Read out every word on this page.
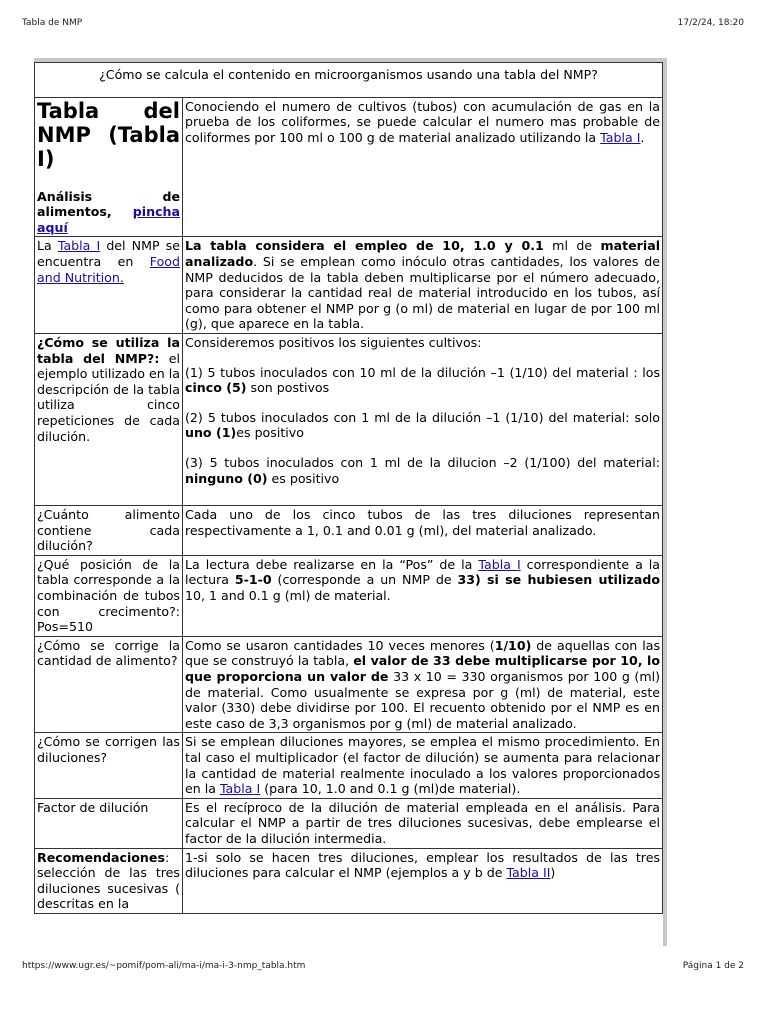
Tabla de NMP	17/2/24, 18:20
¿Cómo se calcula el contenido en microorganismos usando una tabla del NMP?	

Tabla del NMP (Tabla I)

Análisis de alimentos, pincha aquí	Conociendo el numero de cultivos (tubos) con acumulación de gas en la prueba de los coliformes, se puede calcular el numero mas probable de coliformes por 100 ml o 100 g de material analizado utilizando la Tabla I.
La Tabla I del NMP se encuentra en Food and Nutrition.	La tabla considera el empleo de 10, 1.0 y 0.1 ml de material analizado. Si se emplean como inóculo otras cantidades, los valores de NMP deducidos de la tabla deben multiplicarse por el número adecuado, para considerar la cantidad real de material introducido en los tubos, así como para obtener el NMP por g (o ml) de material en lugar de por 100 ml (g), que aparece en la tabla.
¿Cómo se utiliza la tabla del NMP?: el ejemplo utilizado en la descripción de la tabla utiliza cinco repeticiones de cada dilución.	Consideremos positivos los siguientes cultivos:

(1) 5 tubos inoculados con 10 ml de la dilución –1 (1/10) del material : los cinco (5) son postivos

(2) 5 tubos inoculados con 1 ml de la dilución –1 (1/10) del material: solo uno (1)es positivo

(3) 5 tubos inoculados con 1 ml de la dilucion –2 (1/100) del material: ninguno (0) es positivo

¿Cuánto alimento contiene cada dilución?	Cada uno de los cinco tubos de las tres diluciones representan respectivamente a 1, 0.1 and 0.01 g (ml), del material analizado.
¿Qué posición de la tabla corresponde a la combinación de tubos con crecimento?: Pos=510	La lectura debe realizarse en la “Pos” de la Tabla I correspondiente a la lectura 5-1-0 (corresponde a un NMP de 33) si se hubiesen utilizado 10, 1 and 0.1 g (ml) de material.
¿Cómo se corrige la cantidad de alimento?	Como se usaron cantidades 10 veces menores (1/10) de aquellas con las que se construyó la tabla, el valor de 33 debe multiplicarse por 10, lo que proporciona un valor de 33 x 10 = 330 organismos por 100 g (ml) de material. Como usualmente se expresa por g (ml) de material, este valor (330) debe dividirse por 100. El recuento obtenido por el NMP es en este caso de 3,3 organismos por g (ml) de material analizado.
¿Cómo se corrigen las diluciones?	Si se emplean diluciones mayores, se emplea el mismo procedimiento. En tal caso el multiplicador (el factor de dilución) se aumenta para relacionar la cantidad de material realmente inoculado a los valores proporcionados en la Tabla I (para 10, 1.0 and 0.1 g (ml)de material).
Factor de dilución	Es el recíproco de la dilución de material empleada en el análisis. Para calcular el NMP a partir de tres diluciones sucesivas, debe emplearse el factor de la dilución intermedia.
Recomendaciones: selección de las tres diluciones sucesivas ( descritas en la	1-si solo se hacen tres diluciones, emplear los resultados de las tres diluciones para calcular el NMP (ejemplos a y b de Tabla II)
https://www.ugr.es/~pomif/pom-ali/ma-i/ma-i-3-nmp_tabla.htm	Página 1 de 2
